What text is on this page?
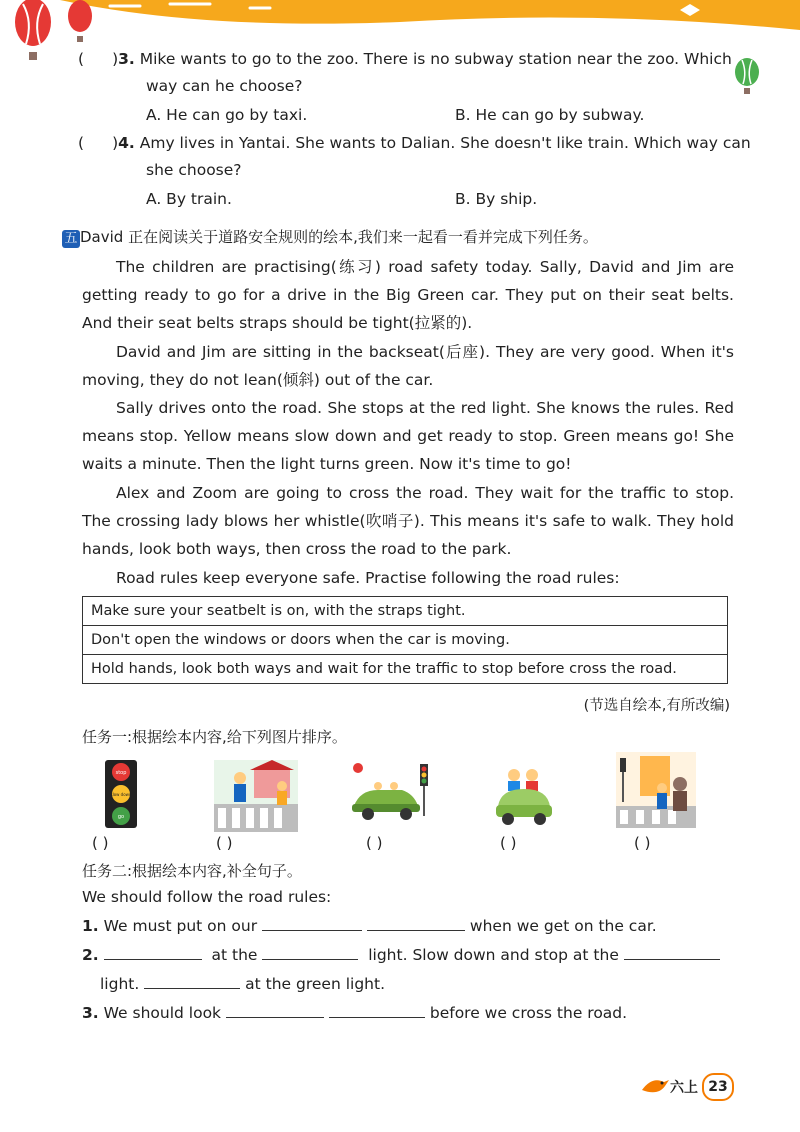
( )3. Mike wants to go to the zoo. There is no subway station near the zoo. Which
way can he choose?
A. He can go by taxi.	B. He can go by subway.
( )4. Amy lives in Yantai. She wants to Dalian. She doesn't like train. Which way can
she choose?
A. By train.	B. By ship.
五 David 正在阅读关于道路安全规则的绘本,我们来一起看一看并完成下列任务。
The children are practising(练习) road safety today. Sally, David and Jim are getting ready to go for a drive in the Big Green car. They put on their seat belts. And their seat belts straps should be tight(拉紧的).
David and Jim are sitting in the backseat(后座). They are very good. When it's moving, they do not lean(倾斜) out of the car.
Sally drives onto the road. She stops at the red light. She knows the rules. Red means stop. Yellow means slow down and get ready to stop. Green means go! She waits a minute. Then the light turns green. Now it's time to go!
Alex and Zoom are going to cross the road. They wait for the traffic to stop. The crossing lady blows her whistle(吹哨子). This means it's safe to walk. They hold hands, look both ways, then cross the road to the park.
Road rules keep everyone safe. Practise following the road rules:
Make sure your seatbelt is on, with the straps tight.
Don't open the windows or doors when the car is moving.
Hold hands, look both ways and wait for the traffic to stop before cross the road.
(节选自绘本,有所改编)
任务一:根据绘本内容,给下列图片排序。
stop
slow down
go
( )	( )	( )	( )	( )
任务二:根据绘本内容,补全句子。
We should follow the road rules:
1. We must put on our	when we get on the car.
2.	at the	light. Slow down and stop at the
light.	at the green light.
3. We should look	before we cross the road.
六上 23
